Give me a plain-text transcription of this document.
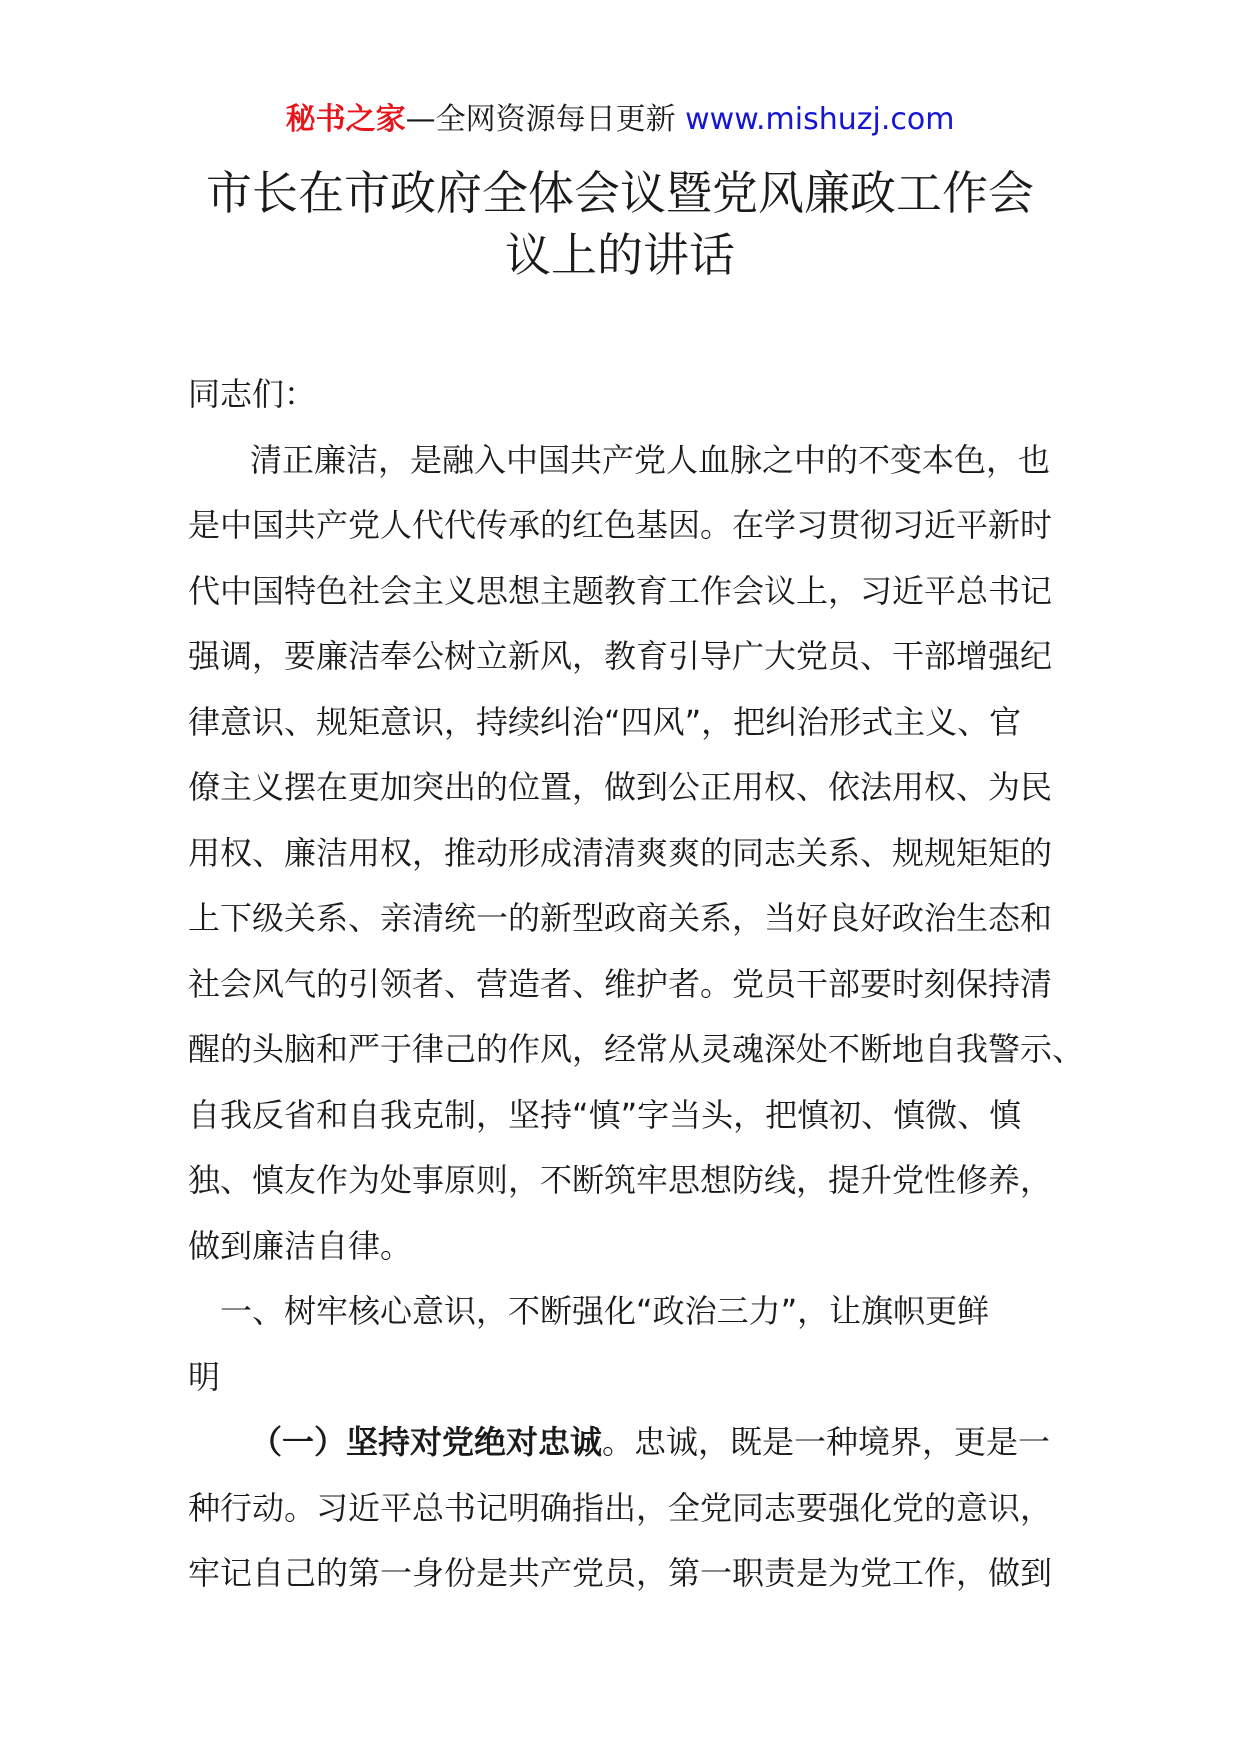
秘书之家—全网资源每日更新 www.mishuzj.com
市长在市政府全体会议暨党风廉政工作会
议上的讲话
同志们：
清正廉洁，是融入中国共产党人血脉之中的不变本色，也
是中国共产党人代代传承的红色基因。在学习贯彻习近平新时
代中国特色社会主义思想主题教育工作会议上，习近平总书记
强调，要廉洁奉公树立新风，教育引导广大党员、干部增强纪
律意识、规矩意识，持续纠治“四风”，把纠治形式主义、官
僚主义摆在更加突出的位置，做到公正用权、依法用权、为民
用权、廉洁用权，推动形成清清爽爽的同志关系、规规矩矩的
上下级关系、亲清统一的新型政商关系，当好良好政治生态和
社会风气的引领者、营造者、维护者。党员干部要时刻保持清
醒的头脑和严于律己的作风，经常从灵魂深处不断地自我警示、
自我反省和自我克制，坚持“慎”字当头，把慎初、慎微、慎
独、慎友作为处事原则，不断筑牢思想防线，提升党性修养，
做到廉洁自律。
一、树牢核心意识，不断强化“政治三力”，让旗帜更鲜
明
（一）坚持对党绝对忠诚。忠诚，既是一种境界，更是一
种行动。习近平总书记明确指出，全党同志要强化党的意识，
牢记自己的第一身份是共产党员，第一职责是为党工作，做到
